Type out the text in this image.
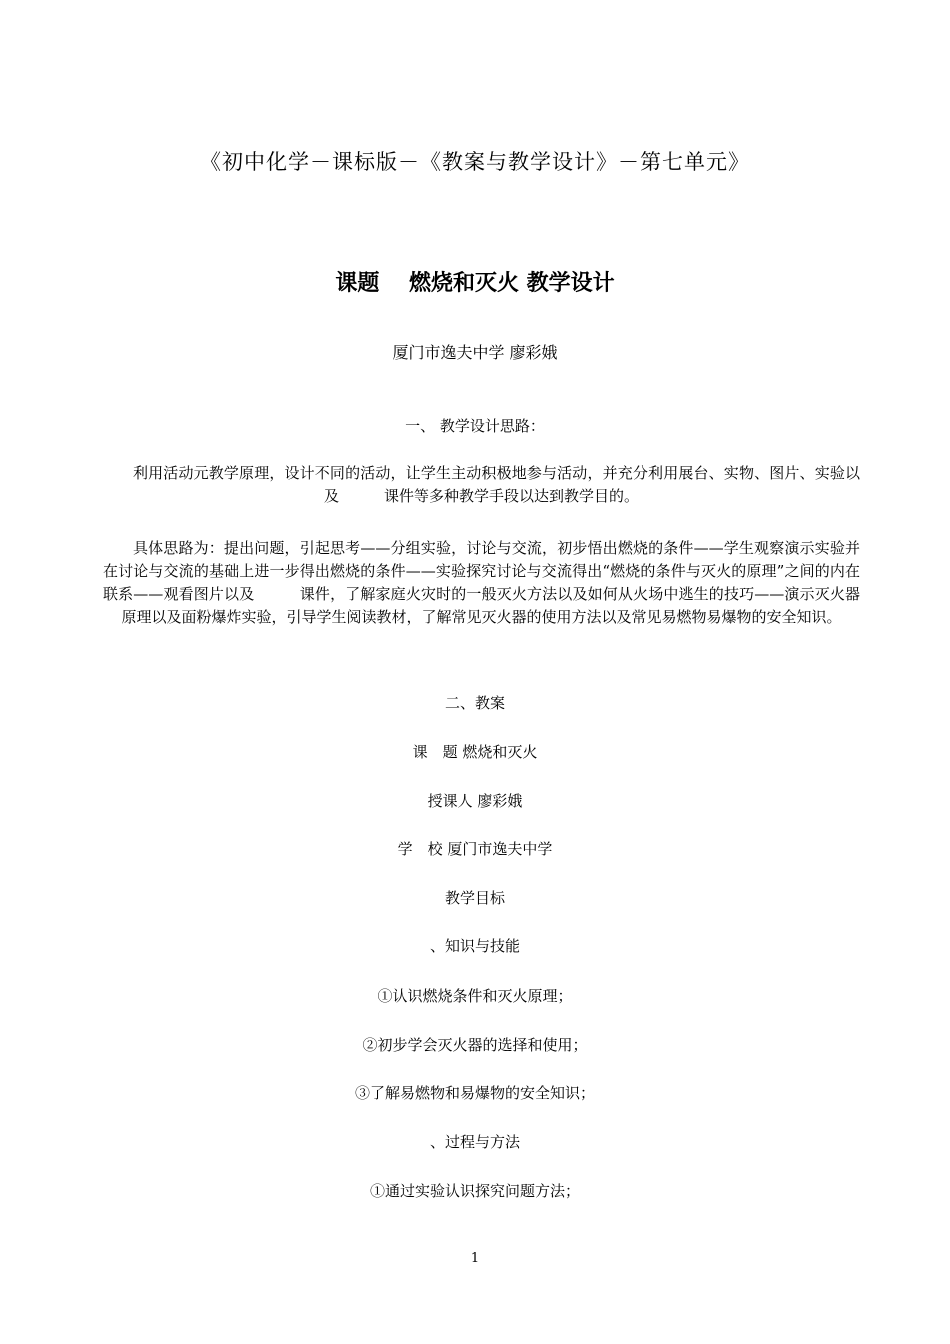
《初中化学－课标版－《教案与教学设计》－第七单元》
课题　 燃烧和灭火 教学设计
厦门市逸夫中学 廖彩娥
一、 教学设计思路：
利用活动元教学原理，设计不同的活动，让学生主动积极地参与活动，并充分利用展台、实物、图片、实验以及　　　课件等多种教学手段以达到教学目的。
具体思路为：提出问题，引起思考——分组实验，讨论与交流，初步悟出燃烧的条件——学生观察演示实验并在讨论与交流的基础上进一步得出燃烧的条件——实验探究讨论与交流得出“燃烧的条件与灭火的原理”之间的内在联系——观看图片以及　　　课件，了解家庭火灾时的一般灭火方法以及如何从火场中逃生的技巧——演示灭火器原理以及面粉爆炸实验，引导学生阅读教材，了解常见灭火器的使用方法以及常见易燃物易爆物的安全知识。
二、教案
课　题 燃烧和灭火
授课人 廖彩娥
学　校 厦门市逸夫中学
教学目标
、知识与技能
①认识燃烧条件和灭火原理；
②初步学会灭火器的选择和使用；
③了解易燃物和易爆物的安全知识；
、过程与方法
①通过实验认识探究问题方法；
1
